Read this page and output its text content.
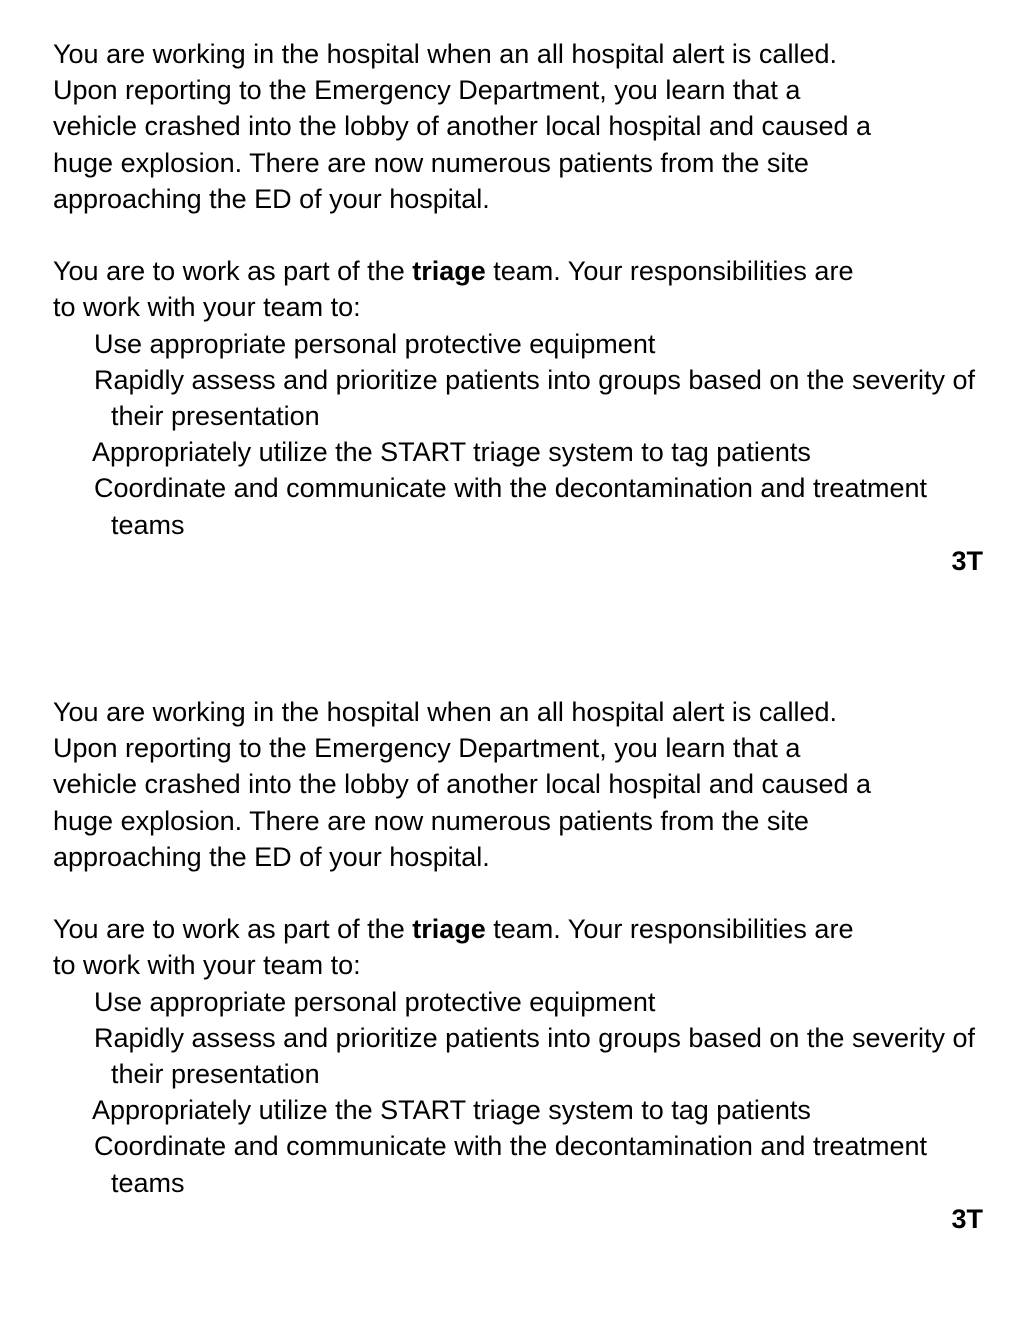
You are working in the hospital when an all hospital alert is called.
Upon reporting to the Emergency Department, you learn that a
vehicle crashed into the lobby of another local hospital and caused a
huge explosion. There are now numerous patients from the site
approaching the ED of your hospital.

You are to work as part of the triage team. Your responsibilities are
to work with your team to:

Use appropriate personal protective equipment
Rapidly assess and prioritize patients into groups based on the severity of their presentation
Appropriately utilize the START triage system to tag patients
Coordinate and communicate with the decontamination and treatment teams
3T

You are working in the hospital when an all hospital alert is called.
Upon reporting to the Emergency Department, you learn that a
vehicle crashed into the lobby of another local hospital and caused a
huge explosion. There are now numerous patients from the site
approaching the ED of your hospital.

You are to work as part of the triage team. Your responsibilities are
to work with your team to:

Use appropriate personal protective equipment
Rapidly assess and prioritize patients into groups based on the severity of their presentation
Appropriately utilize the START triage system to tag patients
Coordinate and communicate with the decontamination and treatment teams
3T
